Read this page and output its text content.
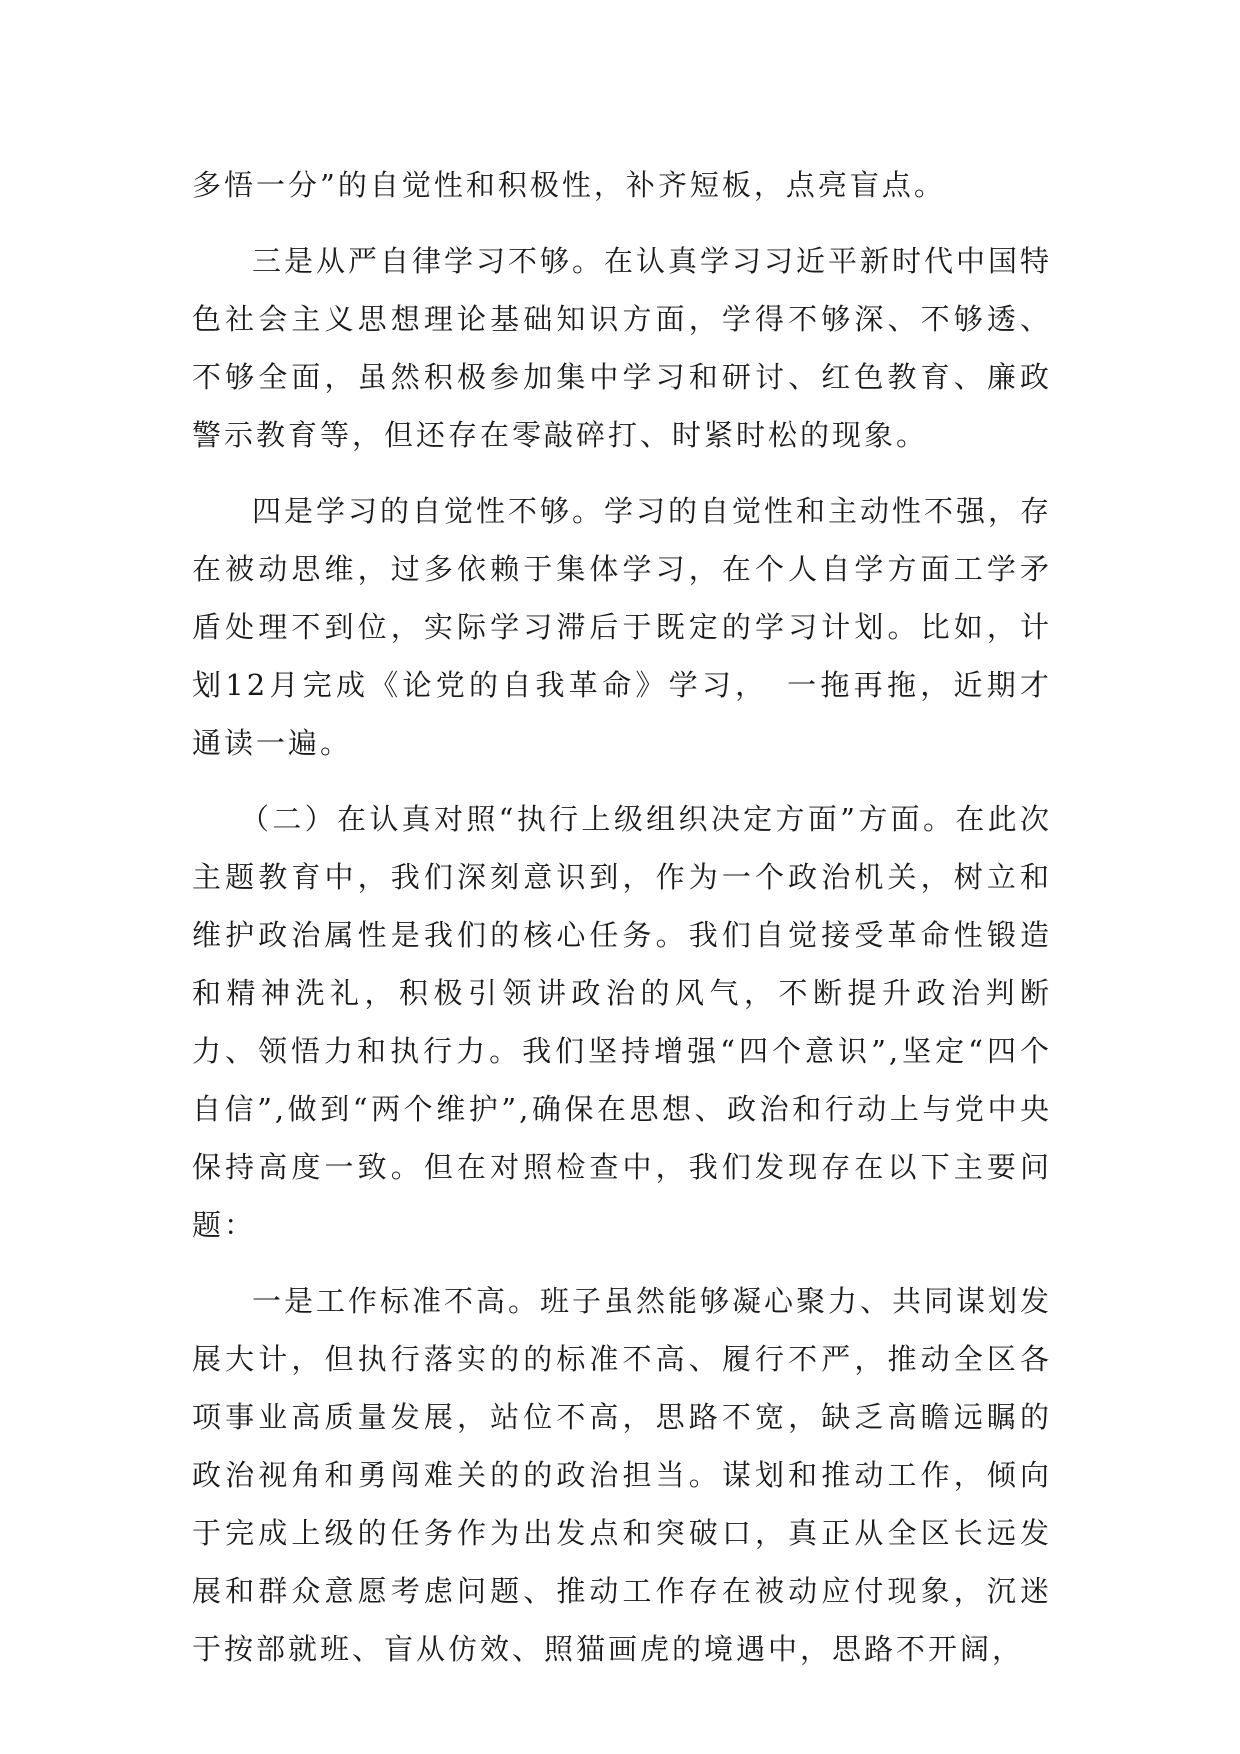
多悟一分”的自觉性和积极性，补齐短板，点亮盲点。

三是从严自律学习不够。在认真学习习近平新时代中国特色社会主义思想理论基础知识方面，学得不够深、不够透、不够全面，虽然积极参加集中学习和研讨、红色教育、廉政警示教育等，但还存在零敲碎打、时紧时松的现象。

四是学习的自觉性不够。学习的自觉性和主动性不强，存在被动思维，过多依赖于集体学习，在个人自学方面工学矛盾处理不到位，实际学习滞后于既定的学习计划。比如，计划12月完成《论党的自我革命》学习，　一拖再拖，近期才通读一遍。

（二）在认真对照“执行上级组织决定方面”方面。在此次主题教育中，我们深刻意识到，作为一个政治机关，树立和维护政治属性是我们的核心任务。我们自觉接受革命性锻造和精神洗礼，积极引领讲政治的风气，不断提升政治判断力、领悟力和执行力。我们坚持增强“四个意识”,坚定“四个自信”,做到“两个维护”,确保在思想、政治和行动上与党中央保持高度一致。但在对照检查中，我们发现存在以下主要问题：

一是工作标准不高。班子虽然能够凝心聚力、共同谋划发展大计，但执行落实的的标准不高、履行不严，推动全区各项事业高质量发展，站位不高，思路不宽，缺乏高瞻远瞩的政治视角和勇闯难关的的政治担当。谋划和推动工作，倾向于完成上级的任务作为出发点和突破口，真正从全区长远发展和群众意愿考虑问题、推动工作存在被动应付现象，沉迷于按部就班、盲从仿效、照猫画虎的境遇中，思路不开阔，
